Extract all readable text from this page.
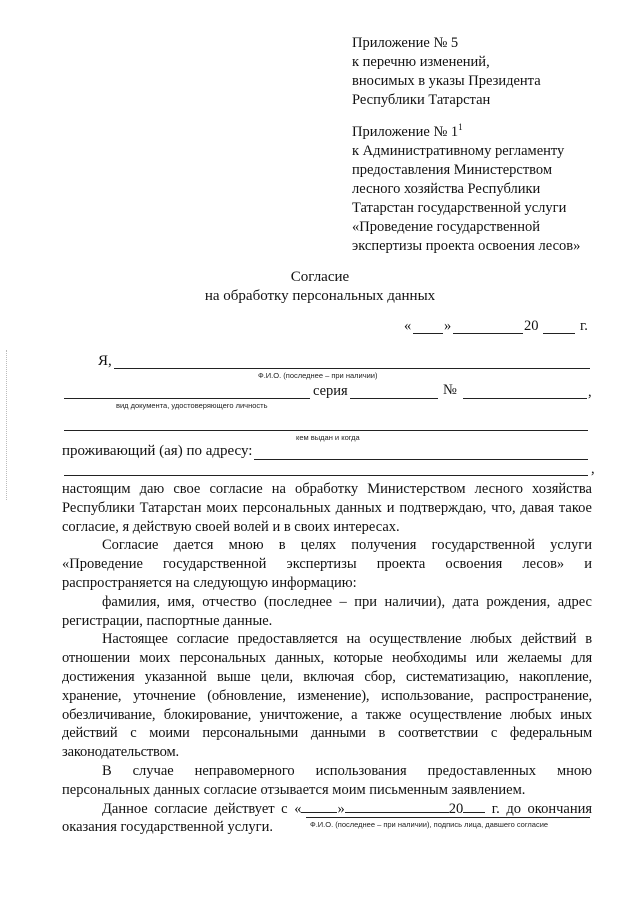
Приложение № 5
к перечню изменений,
вносимых в указы Президента
Республики Татарстан
Приложение № $1^1$
к Административному регламенту
предоставления Министерством
лесного хозяйства Республики
Татарстан государственной услуги
«Проведение государственной
экспертизы проекта освоения лесов»
Согласие
на обработку персональных данных
« »	20	г.
Я,
Ф.И.О. (последнее – при наличии)
серия	№	,
вид документа, удостоверяющего личность
кем выдан и когда
проживающий (ая) по адресу:
,

настоящим даю свое согласие на обработку Министерством лесного хозяйства Республики Татарстан моих персональных данных и подтверждаю, что, давая такое согласие, я действую своей волей и в своих интересах.

Согласие дается мною в целях получения государственной услуги «Проведение государственной экспертизы проекта освоения лесов» и распространяется на следующую информацию:

фамилия, имя, отчество (последнее – при наличии), дата рождения, адрес регистрации, паспортные данные.

Настоящее согласие предоставляется на осуществление любых действий в отношении моих персональных данных, которые необходимы или желаемы для достижения указанной выше цели, включая сбор, систематизацию, накопление, хранение, уточнение (обновление, изменение), использование, распространение, обезличивание, блокирование, уничтожение, а также осуществление любых иных действий с моими персональными данными в соответствии с федеральным законодательством.

В случае неправомерного использования предоставленных мною персональных данных согласие отзывается моим письменным заявлением.

Данное согласие действует с « »	20 г. до окончания оказания государственной услуги.	Ф.И.О. (последнее – при наличии), подпись лица, давшего согласие
